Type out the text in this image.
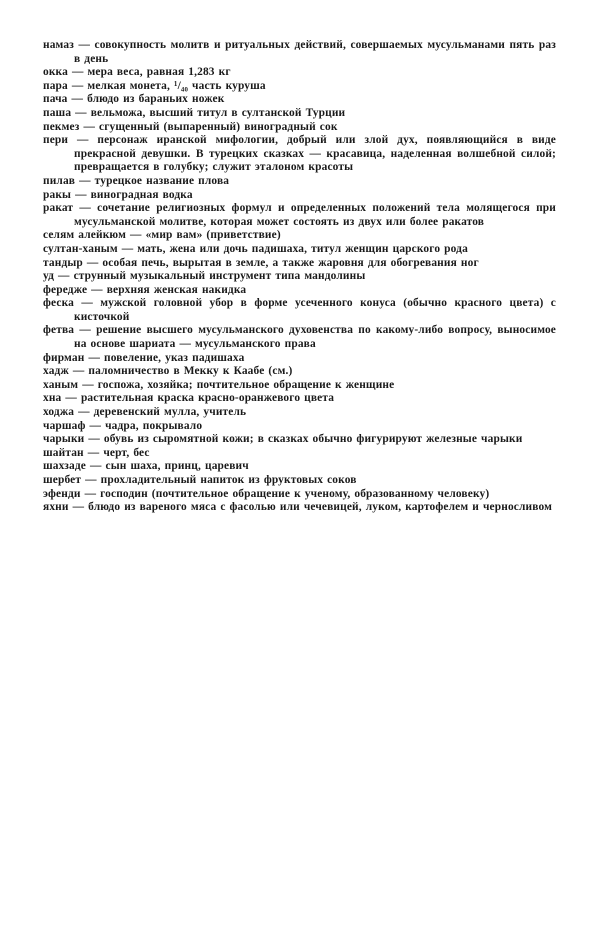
намаз — совокупность молитв и ритуальных действий, совершаемых мусульманами пять раз в день

окка — мера веса, равная 1,283 кг

пара — мелкая монета, ¹/₄₀ часть куруша

пача — блюдо из бараньих ножек

паша — вельможа, высший титул в султанской Турции

пекмез — сгущенный (выпаренный) виноградный сок

пери — персонаж иранской мифологии, добрый или злой дух, появляющийся в виде прекрасной девушки. В турецких сказках — красавица, наделенная волшебной силой; превращается в голубку; служит эталоном красоты

пилав — турецкое название плова

ракы — виноградная водка

ракат — сочетание религиозных формул и определенных положений тела молящегося при мусульманской молитве, которая может состоять из двух или более ракатов

селям алейкюм — «мир вам» (приветствие)

султан-ханым — мать, жена или дочь падишаха, титул женщин царского рода

тандыр — особая печь, вырытая в земле, а также жаровня для обогревания ног

уд — струнный музыкальный инструмент типа мандолины

фередже — верхняя женская накидка

феска — мужской головной убор в форме усеченного конуса (обычно красного цвета) с кисточкой

фетва — решение высшего мусульманского духовенства по какому-либо вопросу, выносимое на основе шариата — мусульманского права

фирман — повеление, указ падишаха

хадж — паломничество в Мекку к Каабе (см.)

ханым — госпожа, хозяйка; почтительное обращение к женщине

хна — растительная краска красно-оранжевого цвета

ходжа — деревенский мулла, учитель

чаршаф — чадра, покрывало

чарыки — обувь из сыромятной кожи; в сказках обычно фигурируют железные чарыки

шайтан — черт, бес

шахзаде — сын шаха, принц, царевич

шербет — прохладительный напиток из фруктовых соков

эфенди — господин (почтительное обращение к ученому, образованному человеку)

яхни — блюдо из вареного мяса с фасолью или чечевицей, луком, картофелем и черносливом
